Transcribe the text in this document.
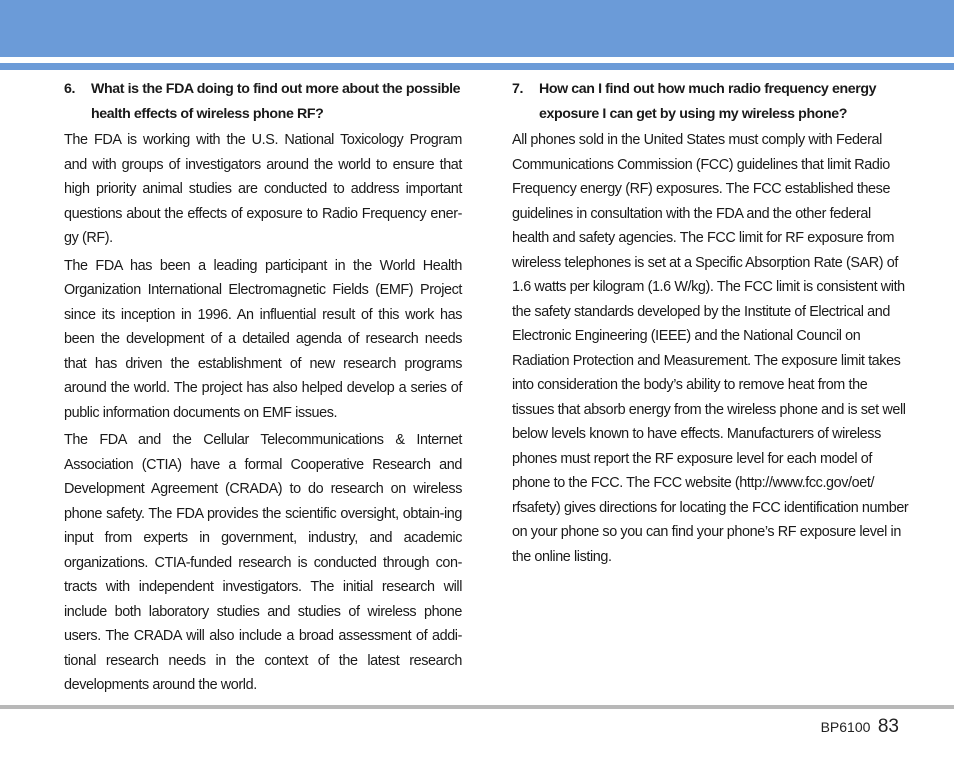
6.	What is the FDA doing to find out more about the possible health effects of wireless phone RF?

The FDA is working with the U.S. National Toxicology Program and with groups of investigators around the world to ensure that high priority animal studies are conducted to address important questions about the effects of exposure to Radio Frequency ener-gy (RF).

The FDA has been a leading participant in the World Health Organization International Electromagnetic Fields (EMF) Project since its inception in 1996. An influential result of this work has been the development of a detailed agenda of research needs that has driven the establishment of new research programs around the world. The project has also helped develop a series of public information documents on EMF issues.

The FDA and the Cellular Telecommunications & Internet Association (CTIA) have a formal Cooperative Research and Development Agreement (CRADA) to do research on wireless phone safety. The FDA provides the scientific oversight, obtain-ing input from experts in government, industry, and academic organizations. CTIA-funded research is conducted through con-tracts with independent investigators. The initial research will include both laboratory studies and studies of wireless phone users. The CRADA will also include a broad assessment of addi-tional research needs in the context of the latest research developments around the world.

7.	How can I find out how much radio frequency energy exposure I can get by using my wireless phone?

All phones sold in the United States must comply with Federal Communications Commission (FCC) guidelines that limit Radio Frequency energy (RF) exposures. The FCC established these guidelines in consultation with the FDA and the other federal health and safety agencies. The FCC limit for RF exposure from wireless telephones is set at a Specific Absorption Rate (SAR) of 1.6 watts per kilogram (1.6 W/kg). The FCC limit is consistent with the safety standards developed by the Institute of Electrical and Electronic Engineering (IEEE) and the National Council on Radiation Protection and Measurement. The exposure limit takes into consideration the body’s ability to remove heat from the tissues that absorb energy from the wireless phone and is set well below levels known to have effects. Manufacturers of wireless phones must report the RF exposure level for each model of phone to the FCC. The FCC website (http://www.fcc.gov/oet/ rfsafety) gives directions for locating the FCC identification number on your phone so you can find your phone’s RF exposure level in the online listing.

BP6100 83
